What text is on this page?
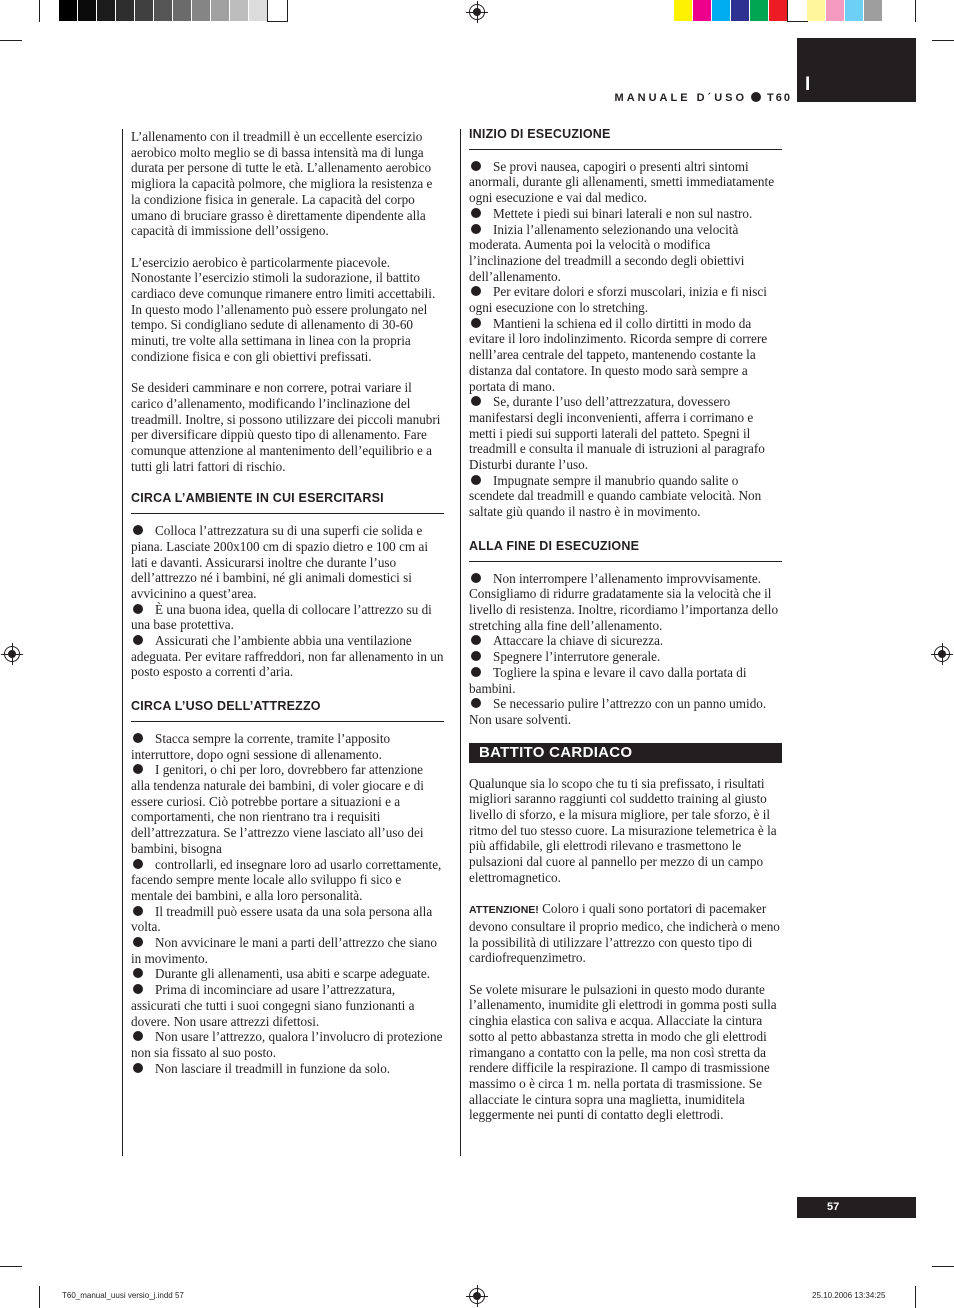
I
MANUALE D´USO T60

L’allenamento con il treadmill è un eccellente esercizio aerobico molto meglio se di bassa intensità ma di lunga durata per persone di tutte le età. L’allenamento aerobico migliora la capacità polmore, che migliora la resistenza e la condizione fisica in generale. La capacità del corpo umano di bruciare grasso è direttamente dipendente alla capacità di immissione dell’ossigeno.

L’esercizio aerobico è particolarmente piacevole. Nonostante l’esercizio stimoli la sudorazione, il battito cardiaco deve comunque rimanere entro limiti accettabili. In questo modo l’allenamento può essere prolungato nel tempo. Si condigliano sedute di allenamento di 30-60 minuti, tre volte alla settimana in linea con la propria condizione fisica e con gli obiettivi prefissati.

Se desideri camminare e non correre, potrai variare il carico d’allenamento, modificando l’inclinazione del treadmill. Inoltre, si possono utilizzare dei piccoli manubri per diversificare dippiù questo tipo di allenamento. Fare comunque attenzione al mantenimento dell’equilibrio e a tutti gli latri fattori di rischio.

CIRCA L’AMBIENTE IN CUI ESERCITARSI

Colloca l’attrezzatura su di una superfi cie solida e piana. Lasciate 200x100 cm di spazio dietro e 100 cm ai lati e davanti. Assicurarsi inoltre che durante l’uso dell’attrezzo né i bambini, né gli animali domestici si avvicinino a quest’area.

È una buona idea, quella di collocare l’attrezzo su di una base protettiva.

Assicurati che l’ambiente abbia una ventilazione adeguata. Per evitare raffreddori, non far allenamento in un posto esposto a correnti d’aria.

CIRCA L’USO DELL’ATTREZZO

Stacca sempre la corrente, tramite l’apposito interruttore, dopo ogni sessione di allenamento.

I genitori, o chi per loro, dovrebbero far attenzione alla tendenza naturale dei bambini, di voler giocare e di essere curiosi. Ciò potrebbe portare a situazioni e a comportamenti, che non rientrano tra i requisiti dell’attrezzatura. Se l’attrezzo viene lasciato all’uso dei bambini, bisogna

controllarli, ed insegnare loro ad usarlo correttamente, facendo sempre mente locale allo sviluppo fi sico e mentale dei bambini, e alla loro personalità.

Il treadmill può essere usata da una sola persona alla volta.

Non avvicinare le mani a parti dell’attrezzo che siano in movimento.

Durante gli allenamenti, usa abiti e scarpe adeguate.

Prima di incominciare ad usare l’attrezzatura, assicurati che tutti i suoi congegni siano funzionanti a dovere. Non usare attrezzi difettosi.

Non usare l’attrezzo, qualora l’involucro di protezione non sia fissato al suo posto.

Non lasciare il treadmill in funzione da solo.

INIZIO DI ESECUZIONE

Se provi nausea, capogiri o presenti altri sintomi anormali, durante gli allenamenti, smetti immediatamente ogni esecuzione e vai dal medico.

Mettete i piedi sui binari laterali e non sul nastro.

Inizia l’allenamento selezionando una velocità moderata. Aumenta poi la velocità o modifica l’inclinazione del treadmill a secondo degli obiettivi dell’allenamento.

Per evitare dolori e sforzi muscolari, inizia e fi nisci ogni esecuzione con lo stretching.

Mantieni la schiena ed il collo dirtitti in modo da evitare il loro indolinzimento. Ricorda sempre di correre nelll’area centrale del tappeto, mantenendo costante la distanza dal contatore. In questo modo sarà sempre a portata di mano.

Se, durante l’uso dell’attrezzatura, dovessero manifestarsi degli inconvenienti, afferra i corrimano e metti i piedi sui supporti laterali del patteto. Spegni il treadmill e consulta il manuale di istruzioni al paragrafo Disturbi durante l’uso.

Impugnate sempre il manubrio quando salite o scendete dal treadmill e quando cambiate velocità. Non saltate giù quando il nastro è in movimento.

ALLA FINE DI ESECUZIONE

Non interrompere l’allenamento improvvisamente. Consigliamo di ridurre gradatamente sia la velocità che il livello di resistenza. Inoltre, ricordiamo l’importanza dello stretching alla fine dell’allenamento.

Attaccare la chiave di sicurezza.

Spegnere l’interrutore generale.

Togliere la spina e levare il cavo dalla portata di bambini.

Se necessario pulire l’attrezzo con un panno umido. Non usare solventi.

BATTITO CARDIACO

Qualunque sia lo scopo che tu ti sia prefissato, i risultati migliori saranno raggiunti col suddetto training al giusto livello di sforzo, e la misura migliore, per tale sforzo, è il ritmo del tuo stesso cuore. La misurazione telemetrica è la più affidabile, gli elettrodi rilevano e trasmettono le pulsazioni dal cuore al pannello per mezzo di un campo elettromagnetico.

ATTENZIONE! Coloro i quali sono portatori di pacemaker devono consultare il proprio medico, che indicherà o meno la possibilità di utilizzare l’attrezzo con questo tipo di cardiofrequenzimetro.

Se volete misurare le pulsazioni in questo modo durante l’allenamento, inumidite gli elettrodi in gomma posti sulla cinghia elastica con saliva e acqua. Allacciate la cintura sotto al petto abbastanza stretta in modo che gli elettrodi rimangano a contatto con la pelle, ma non così stretta da rendere difficile la respirazione. Il campo di trasmissione massimo o è circa 1 m. nella portata di trasmissione. Se allacciate le cintura sopra una maglietta, inumiditela leggermente nei punti di contatto degli elettrodi.

57
T60_manual_uusi versio_j.indd 57	25.10.2006 13:34:25
